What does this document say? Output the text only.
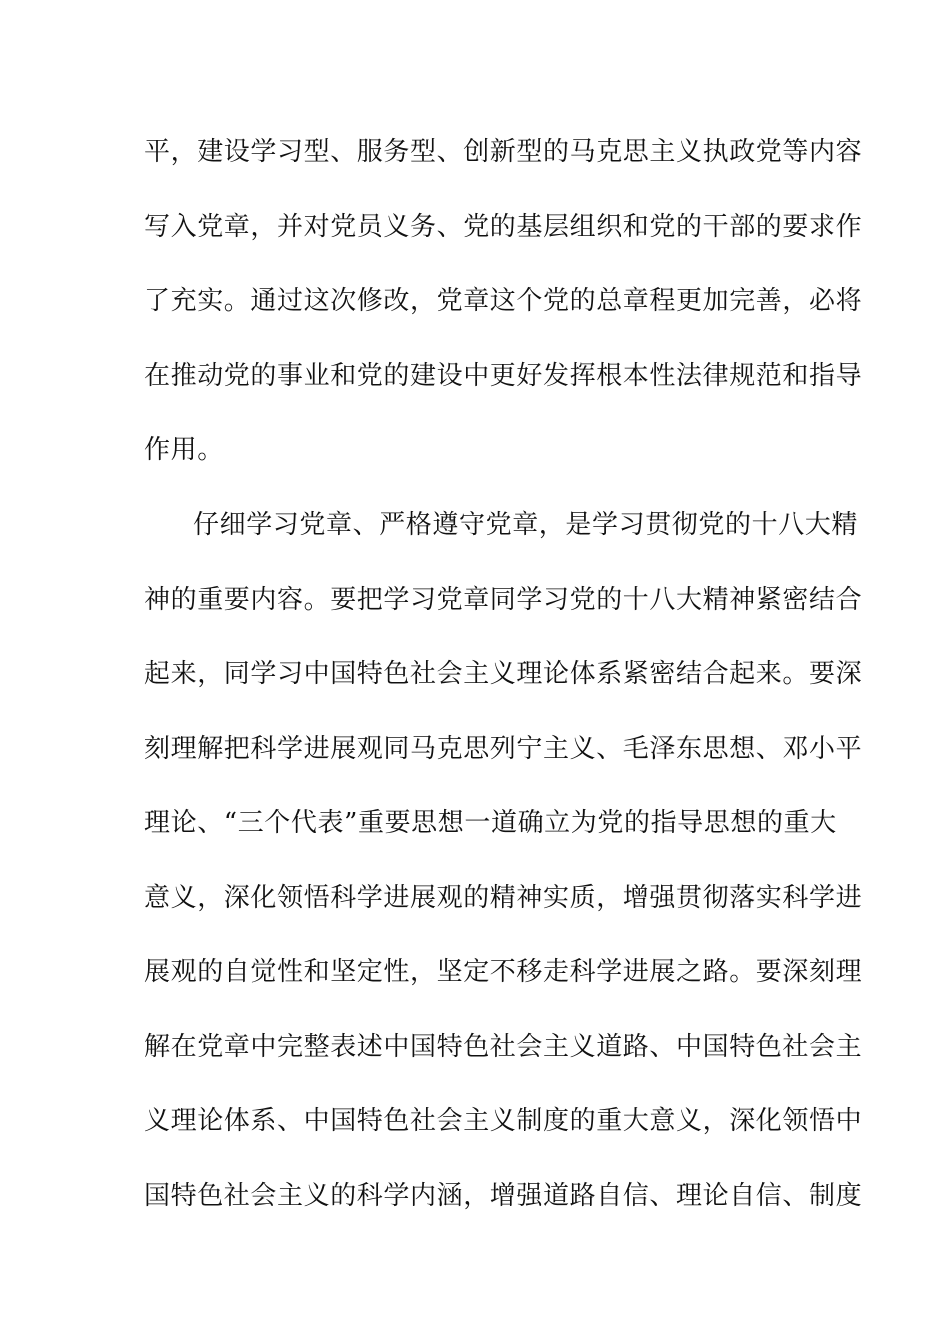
平，建设学习型、服务型、创新型的马克思主义执政党等内容
写入党章，并对党员义务、党的基层组织和党的干部的要求作
了充实。通过这次修改，党章这个党的总章程更加完善，必将
在推动党的事业和党的建设中更好发挥根本性法律规范和指导
作用。
仔细学习党章、严格遵守党章，是学习贯彻党的十八大精
神的重要内容。要把学习党章同学习党的十八大精神紧密结合
起来，同学习中国特色社会主义理论体系紧密结合起来。要深
刻理解把科学进展观同马克思列宁主义、毛泽东思想、邓小平
理论、“三个代表”重要思想一道确立为党的指导思想的重大
意义，深化领悟科学进展观的精神实质，增强贯彻落实科学进
展观的自觉性和坚定性，坚定不移走科学进展之路。要深刻理
解在党章中完整表述中国特色社会主义道路、中国特色社会主
义理论体系、中国特色社会主义制度的重大意义，深化领悟中
国特色社会主义的科学内涵，增强道路自信、理论自信、制度
